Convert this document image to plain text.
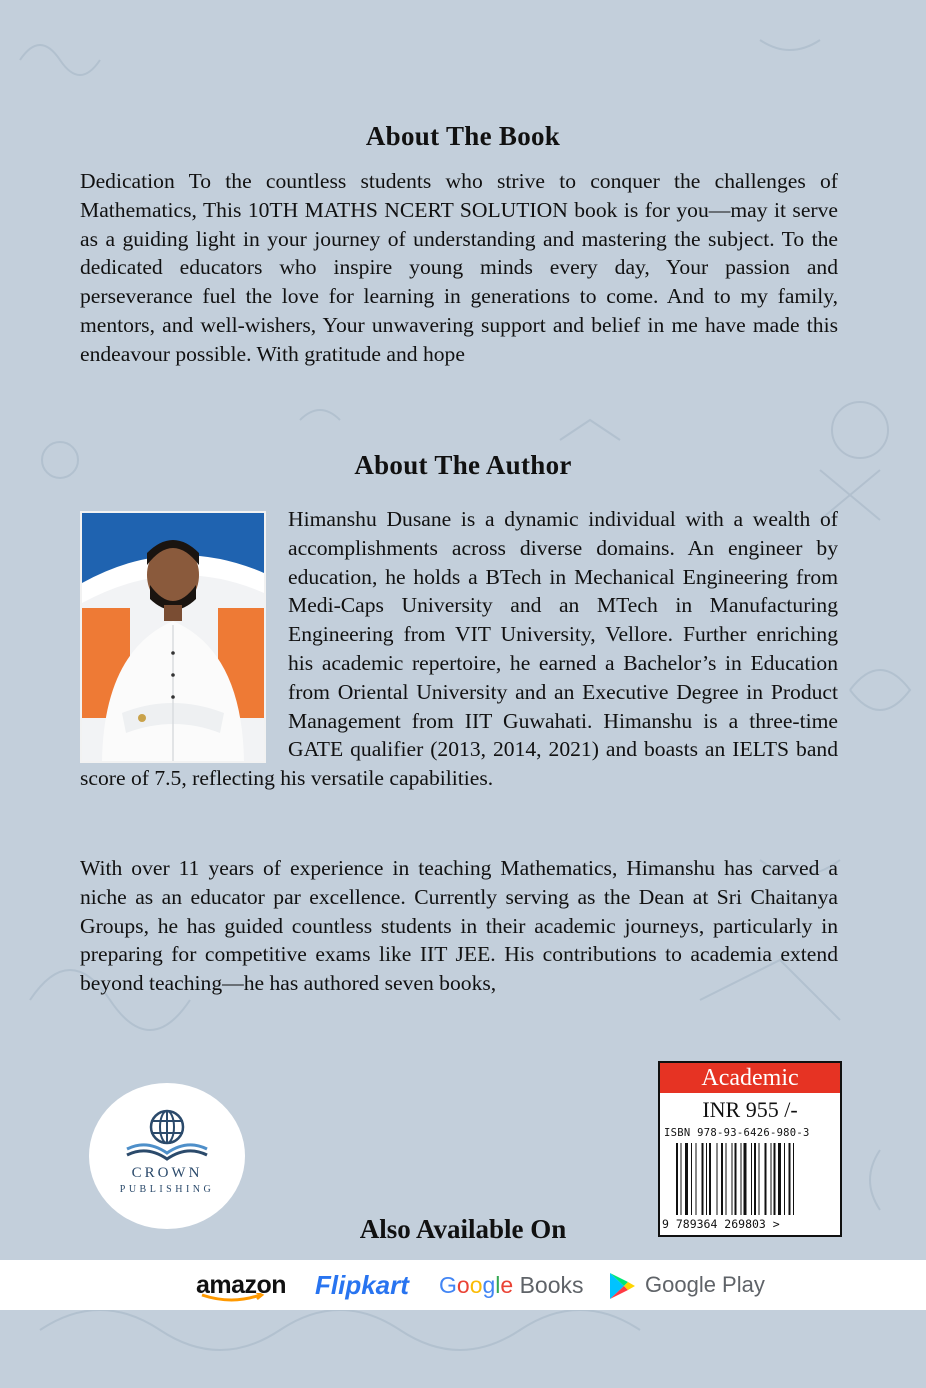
About The Book

Dedication To the countless students who strive to conquer the challenges of Mathematics, This 10TH MATHS NCERT SOLUTION book is for you—may it serve as a guiding light in your journey of understanding and mastering the subject. To the dedicated educators who inspire young minds every day, Your passion and perseverance fuel the love for learning in generations to come. And to my family, mentors, and well-wishers, Your unwavering support and belief in me have made this endeavour possible. With gratitude and hope

About The Author
Himanshu Dusane is a dynamic individual with a wealth of accomplishments across diverse domains. An engineer by education, he holds a BTech in Mechanical Engineering from Medi-Caps University and an MTech in Manufacturing Engineering from VIT University, Vellore. Further enriching his academic repertoire, he earned a Bachelor’s in Education from Oriental University and an Executive Degree in Product Management from IIT Guwahati. Himanshu is a three-time GATE qualifier (2013, 2014, 2021) and boasts an IELTS band score of 7.5, reflecting his versatile capabilities.

With over 11 years of experience in teaching Mathematics, Himanshu has carved a niche as an educator par excellence. Currently serving as the Dean at Sri Chaitanya Groups, he has guided countless students in their academic journeys, particularly in preparing for competitive exams like IIT JEE. His contributions to academia extend beyond teaching—he has authored seven books,

CROWN
PUBLISHING
Academic
INR 955 /-
ISBN 978-93-6426-980-3
9 789364 269803 >
Also Available On
amazon Flipkart Google Books	Google Play
